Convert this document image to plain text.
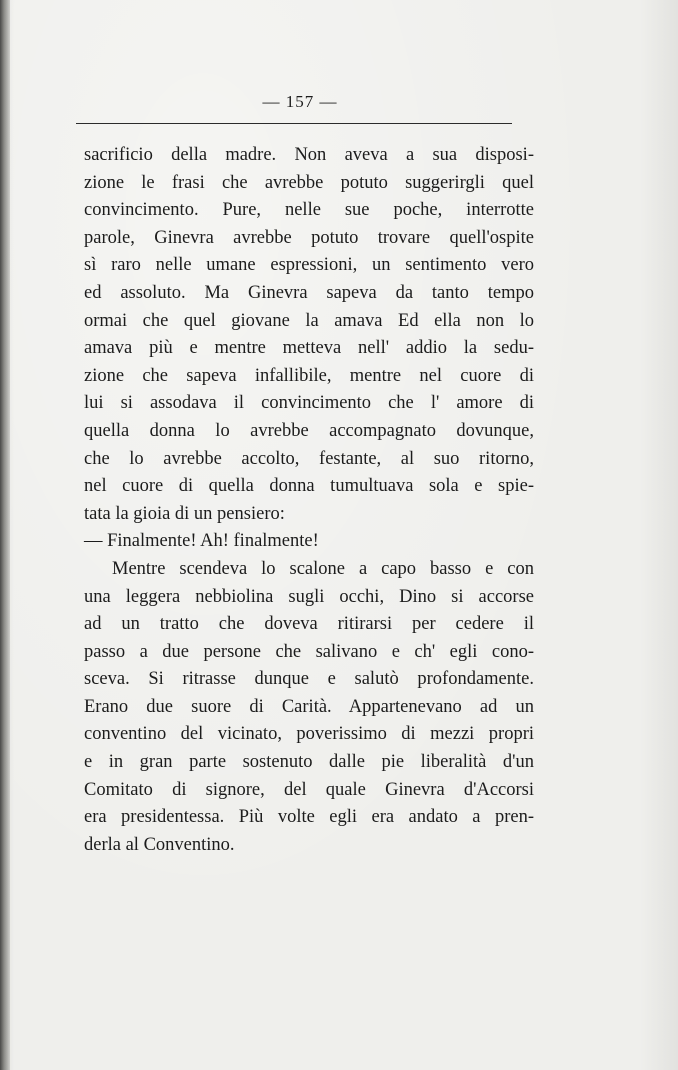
— 157 —
sacrificio della madre. Non aveva a sua disposi-
zione le frasi che avrebbe potuto suggerirgli quel
convincimento. Pure, nelle sue poche, interrotte
parole, Ginevra avrebbe potuto trovare quell'ospite
sì raro nelle umane espressioni, un sentimento vero
ed assoluto. Ma Ginevra sapeva da tanto tempo
ormai che quel giovane la amava Ed ella non lo
amava più e mentre metteva nell' addio la sedu-
zione che sapeva infallibile, mentre nel cuore di
lui si assodava il convincimento che l' amore di
quella donna lo avrebbe accompagnato dovunque,
che lo avrebbe accolto, festante, al suo ritorno,
nel cuore di quella donna tumultuava sola e spie-
tata la gioia di un pensiero:
— Finalmente! Ah! finalmente!
Mentre scendeva lo scalone a capo basso e con
una leggera nebbiolina sugli occhi, Dino si accorse
ad un tratto che doveva ritirarsi per cedere il
passo a due persone che salivano e ch' egli cono-
sceva. Si ritrasse dunque e salutò profondamente.
Erano due suore di Carità. Appartenevano ad un
conventino del vicinato, poverissimo di mezzi propri
e in gran parte sostenuto dalle pie liberalità d'un
Comitato di signore, del quale Ginevra d'Accorsi
era presidentessa. Più volte egli era andato a pren-
derla al Conventino.
